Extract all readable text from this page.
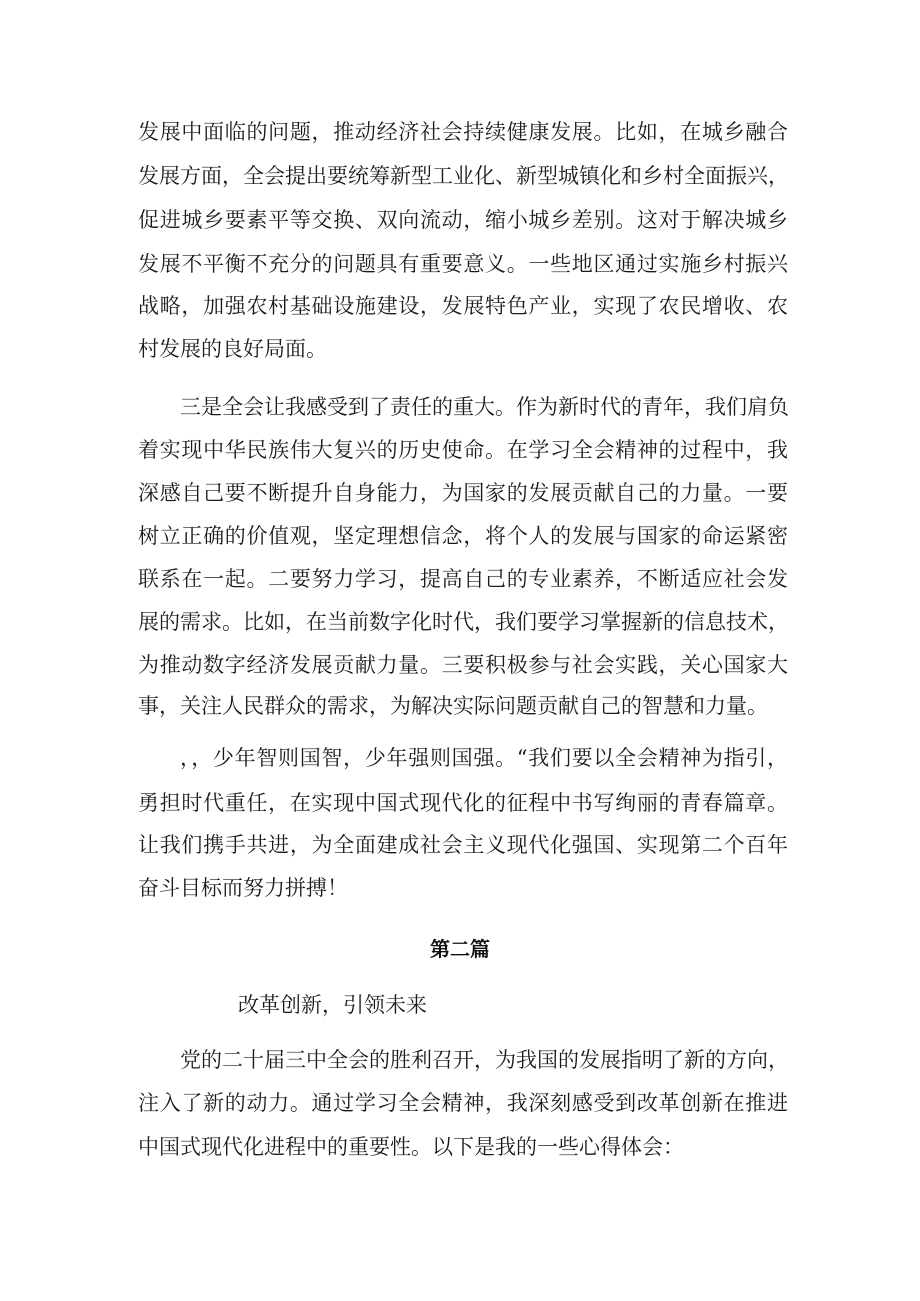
发展中面临的问题，推动经济社会持续健康发展。比如，在城乡融合
发展方面，全会提出要统筹新型工业化、新型城镇化和乡村全面振兴，
促进城乡要素平等交换、双向流动，缩小城乡差别。这对于解决城乡
发展不平衡不充分的问题具有重要意义。一些地区通过实施乡村振兴
战略，加强农村基础设施建设，发展特色产业，实现了农民增收、农
村发展的良好局面。
三是全会让我感受到了责任的重大。作为新时代的青年，我们肩负
着实现中华民族伟大复兴的历史使命。在学习全会精神的过程中，我
深感自己要不断提升自身能力，为国家的发展贡献自己的力量。一要
树立正确的价值观，坚定理想信念，将个人的发展与国家的命运紧密
联系在一起。二要努力学习，提高自己的专业素养，不断适应社会发
展的需求。比如，在当前数字化时代，我们要学习掌握新的信息技术，
为推动数字经济发展贡献力量。三要积极参与社会实践，关心国家大
事，关注人民群众的需求，为解决实际问题贡献自己的智慧和力量。
，，少年智则国智，少年强则国强。“我们要以全会精神为指引，
勇担时代重任，在实现中国式现代化的征程中书写绚丽的青春篇章。
让我们携手共进，为全面建成社会主义现代化强国、实现第二个百年
奋斗目标而努力拼搏！
第二篇
改革创新，引领未来
党的二十届三中全会的胜利召开，为我国的发展指明了新的方向，
注入了新的动力。通过学习全会精神，我深刻感受到改革创新在推进
中国式现代化进程中的重要性。以下是我的一些心得体会：
